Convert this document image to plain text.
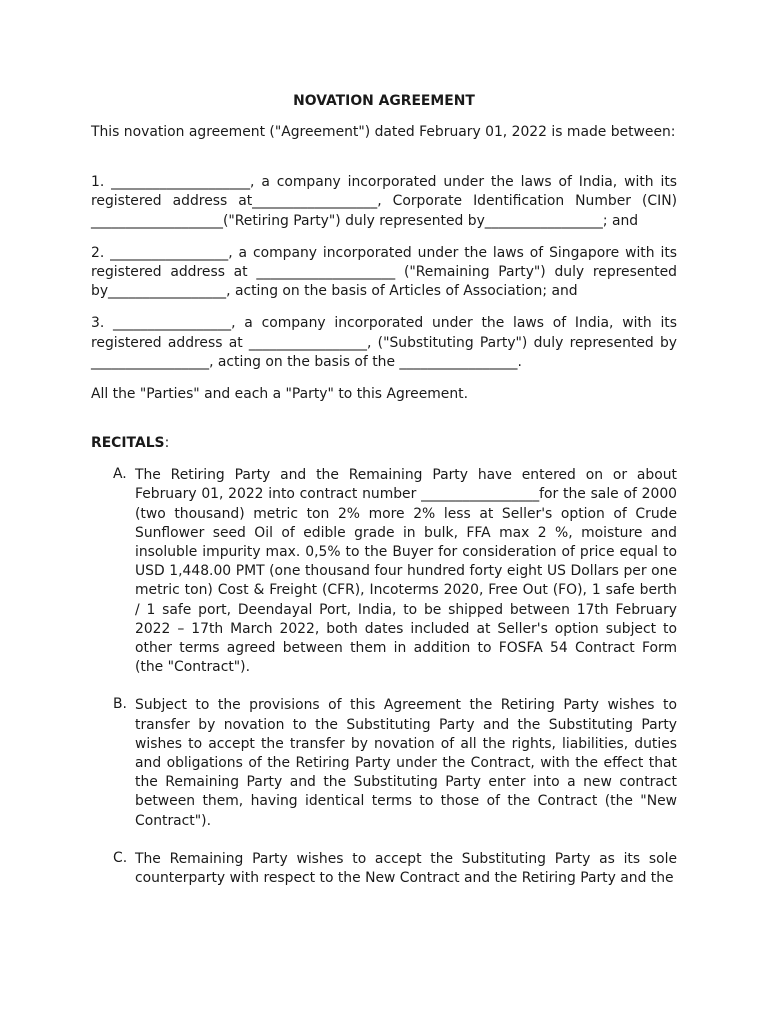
NOVATION AGREEMENT

This novation agreement ("Agreement") dated February 01, 2022 is made between:

1. ____________________, a company incorporated under the laws of India, with its registered address at__________________, Corporate Identification Number (CIN) ___________________("Retiring Party") duly represented by_________________; and

2. _________________, a company incorporated under the laws of Singapore with its registered address at ____________________ ("Remaining Party") duly represented by_________________, acting on the basis of Articles of Association; and

3. _________________, a company incorporated under the laws of India, with its registered address at _________________, ("Substituting Party") duly represented by _________________, acting on the basis of the _________________.

All the "Parties" and each a "Party" to this Agreement.

RECITALS:
A. The Retiring Party and the Remaining Party have entered on or about February 01, 2022 into contract number _________________for the sale of 2000 (two thousand) metric ton 2% more 2% less at Seller's option of Crude Sunflower seed Oil of edible grade in bulk, FFA max 2 %, moisture and insoluble impurity max. 0,5% to the Buyer for consideration of price equal to USD 1,448.00 PMT (one thousand four hundred forty eight US Dollars per one metric ton) Cost & Freight (CFR), Incoterms 2020, Free Out (FO), 1 safe berth / 1 safe port, Deendayal Port, India, to be shipped between 17th February 2022 – 17th March 2022, both dates included at Seller's option subject to other terms agreed between them in addition to FOSFA 54 Contract Form (the "Contract").

B. Subject to the provisions of this Agreement the Retiring Party wishes to transfer by novation to the Substituting Party and the Substituting Party wishes to accept the transfer by novation of all the rights, liabilities, duties and obligations of the Retiring Party under the Contract, with the effect that the Remaining Party and the Substituting Party enter into a new contract between them, having identical terms to those of the Contract (the "New Contract").

C. The Remaining Party wishes to accept the Substituting Party as its sole counterparty with respect to the New Contract and the Retiring Party and the
